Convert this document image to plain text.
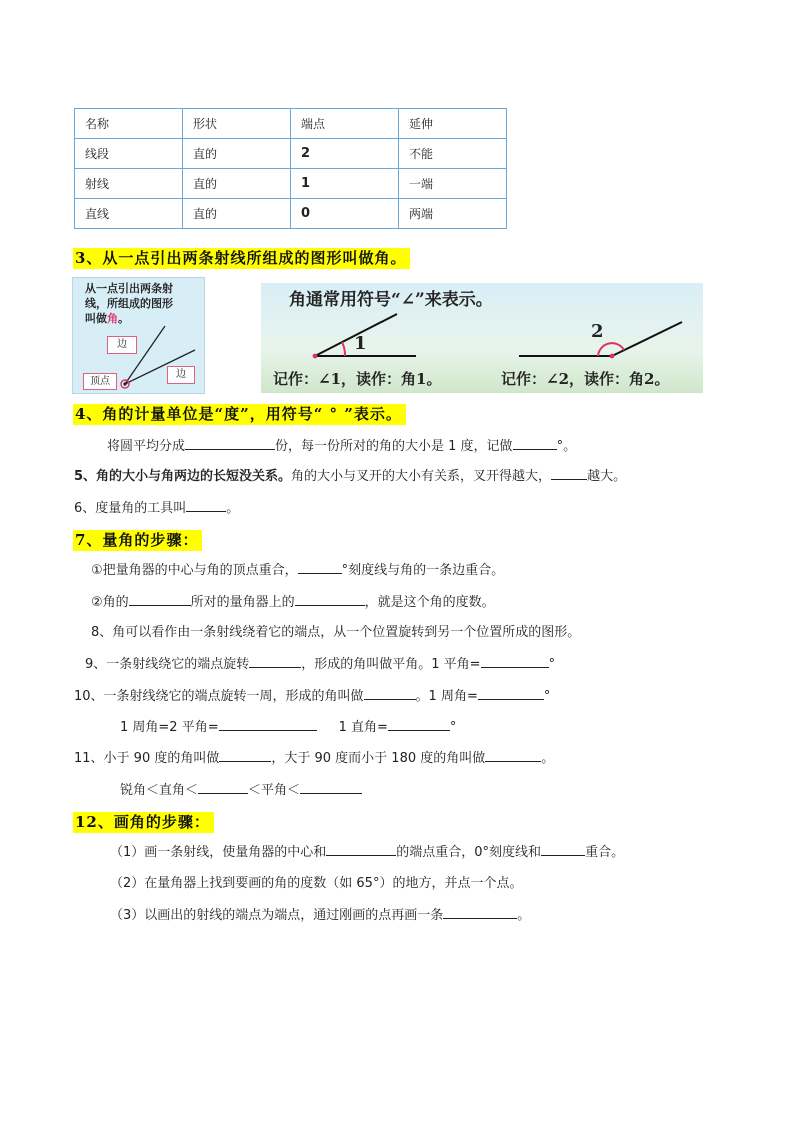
名称	形状	端点	延伸
线段	直的	2	不能
射线	直的	1	一端
直线	直的	0	两端
3、从一点引出两条射线所组成的图形叫做角。
从一点引出两条射
线，所组成的图形
叫做角。
边
边
顶点
角通常用符号“∠”来表示。
1
2
记作：∠1，读作：角1。	记作：∠2，读作：角2。
4、角的计量单位是“度”，用符号“ ° ”表示。
将圆平均分成	份，每一份所对的角的大小是 1 度，记做	°。
5、角的大小与角两边的长短没关系。角的大小与叉开的大小有关系，叉开得越大，	越大。
6、度量角的工具叫	。
7、量角的步骤：
①把量角器的中心与角的顶点重合，	°刻度线与角的一条边重合。
②角的	所对的量角器上的	，就是这个角的度数。
8、角可以看作由一条射线绕着它的端点，从一个位置旋转到另一个位置所成的图形。
9、一条射线绕它的端点旋转	，形成的角叫做平角。1 平角=	°
10、一条射线绕它的端点旋转一周，形成的角叫做	。1 周角=	°
1 周角=2 平角=	1 直角=	°
11、小于 90 度的角叫做	，大于 90 度而小于 180 度的角叫做	。
锐角＜直角＜	＜平角＜
12、画角的步骤：
（1）画一条射线，使量角器的中心和	的端点重合，0°刻度线和	重合。
（2）在量角器上找到要画的角的度数（如 65°）的地方，并点一个点。
（3）以画出的射线的端点为端点，通过刚画的点再画一条	。
